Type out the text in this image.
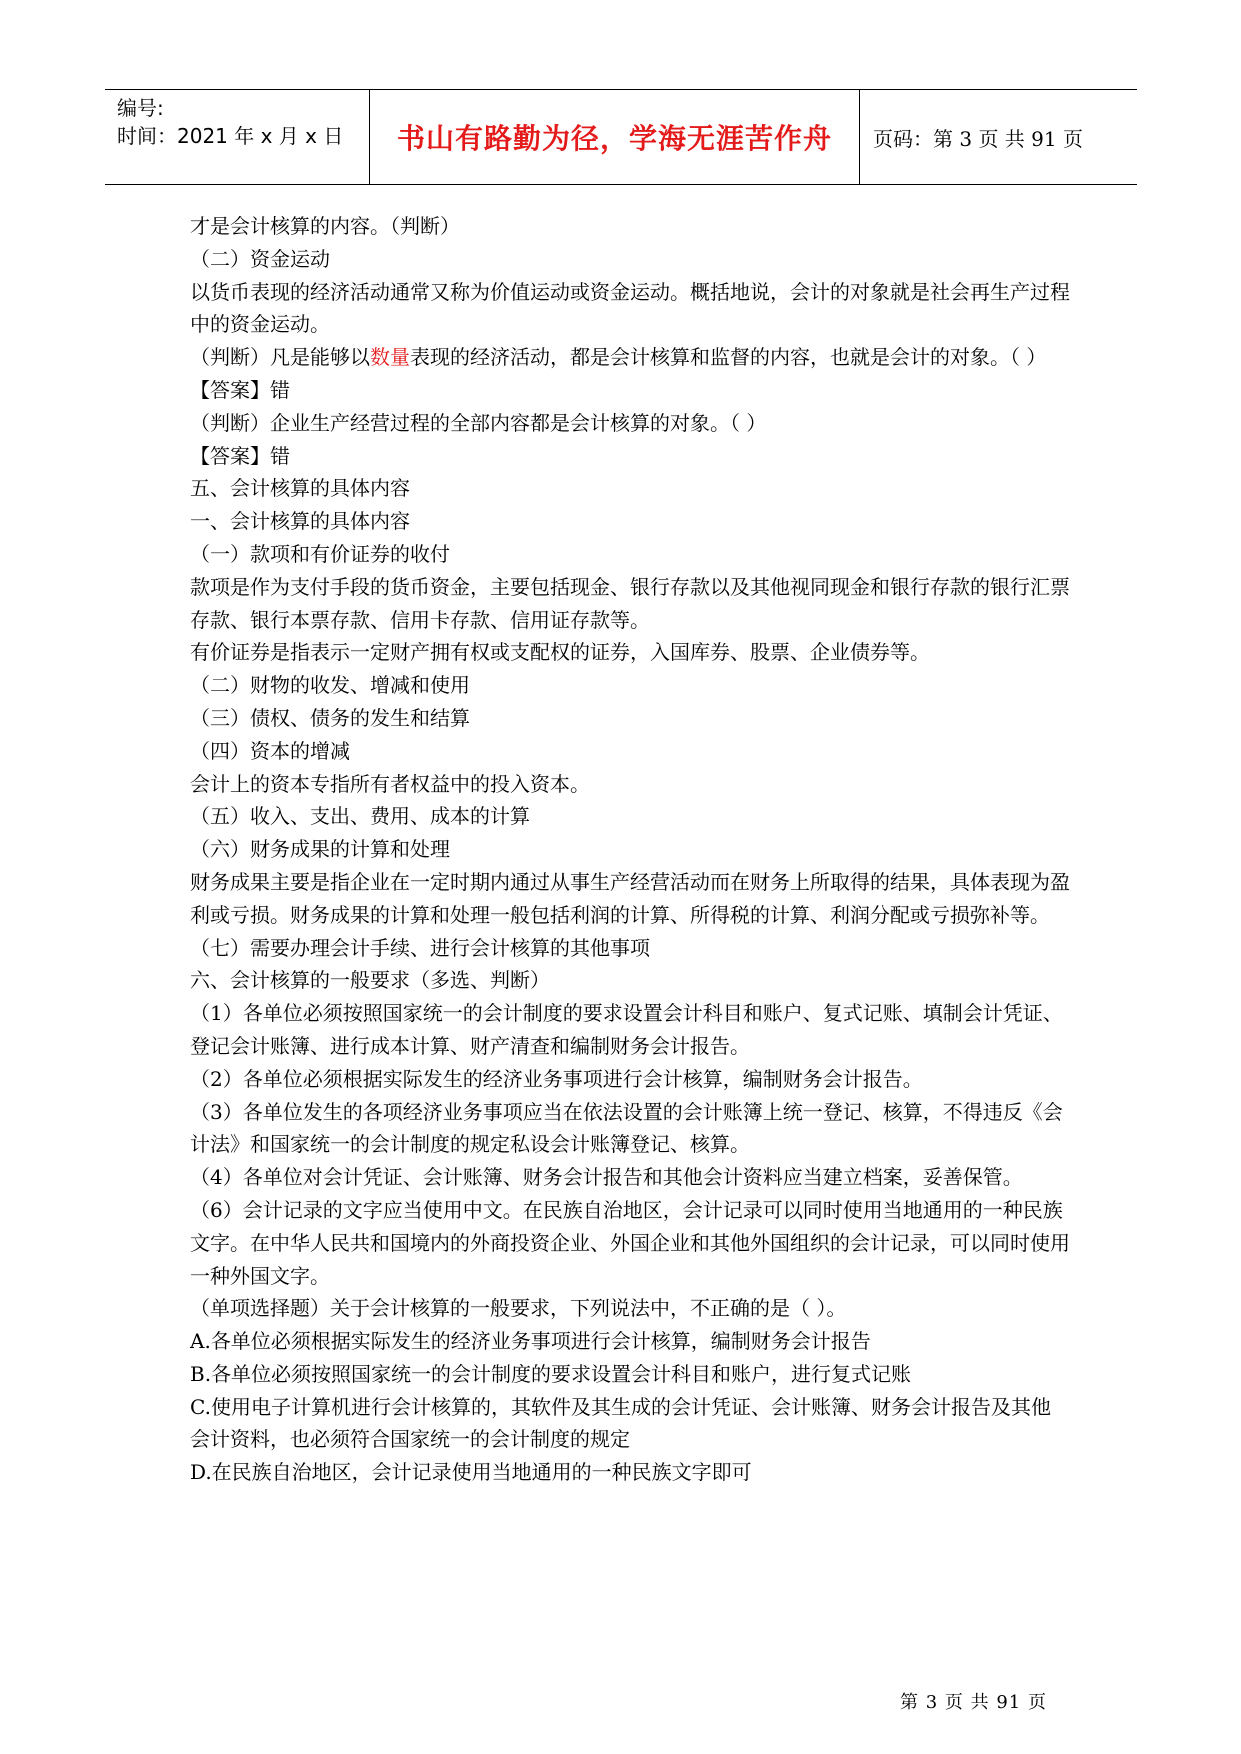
编号:
时间：2021 年 x 月 x 日	书山有路勤为径，学海无涯苦作舟	页码：第 3 页 共 91 页

才是会计核算的内容。（判断）

（二）资金运动

以货币表现的经济活动通常又称为价值运动或资金运动。概括地说，会计的对象就是社会再生产过程中的资金运动。

（判断）凡是能够以数量表现的经济活动，都是会计核算和监督的内容，也就是会计的对象。（ ）

【答案】错

（判断）企业生产经营过程的全部内容都是会计核算的对象。（ ）

【答案】错

五、会计核算的具体内容

一、会计核算的具体内容

（一）款项和有价证券的收付

款项是作为支付手段的货币资金，主要包括现金、银行存款以及其他视同现金和银行存款的银行汇票存款、银行本票存款、信用卡存款、信用证存款等。

有价证券是指表示一定财产拥有权或支配权的证券，入国库券、股票、企业债券等。

（二）财物的收发、增减和使用

（三）债权、债务的发生和结算

（四）资本的增减

会计上的资本专指所有者权益中的投入资本。

（五）收入、支出、费用、成本的计算

（六）财务成果的计算和处理

财务成果主要是指企业在一定时期内通过从事生产经营活动而在财务上所取得的结果，具体表现为盈利或亏损。财务成果的计算和处理一般包括利润的计算、所得税的计算、利润分配或亏损弥补等。

（七）需要办理会计手续、进行会计核算的其他事项

六、会计核算的一般要求（多选、判断）

（1）各单位必须按照国家统一的会计制度的要求设置会计科目和账户、复式记账、填制会计凭证、登记会计账簿、进行成本计算、财产清查和编制财务会计报告。

（2）各单位必须根据实际发生的经济业务事项进行会计核算，编制财务会计报告。

（3）各单位发生的各项经济业务事项应当在依法设置的会计账簿上统一登记、核算，不得违反《会计法》和国家统一的会计制度的规定私设会计账簿登记、核算。

（4）各单位对会计凭证、会计账簿、财务会计报告和其他会计资料应当建立档案，妥善保管。

（6）会计记录的文字应当使用中文。在民族自治地区，会计记录可以同时使用当地通用的一种民族文字。在中华人民共和国境内的外商投资企业、外国企业和其他外国组织的会计记录，可以同时使用一种外国文字。

（单项选择题）关于会计核算的一般要求，下列说法中，不正确的是（ ）。

A.各单位必须根据实际发生的经济业务事项进行会计核算，编制财务会计报告

B.各单位必须按照国家统一的会计制度的要求设置会计科目和账户，进行复式记账

C.使用电子计算机进行会计核算的，其软件及其生成的会计凭证、会计账簿、财务会计报告及其他会计资料，也必须符合国家统一的会计制度的规定

D.在民族自治地区，会计记录使用当地通用的一种民族文字即可

第 3 页 共 91 页
